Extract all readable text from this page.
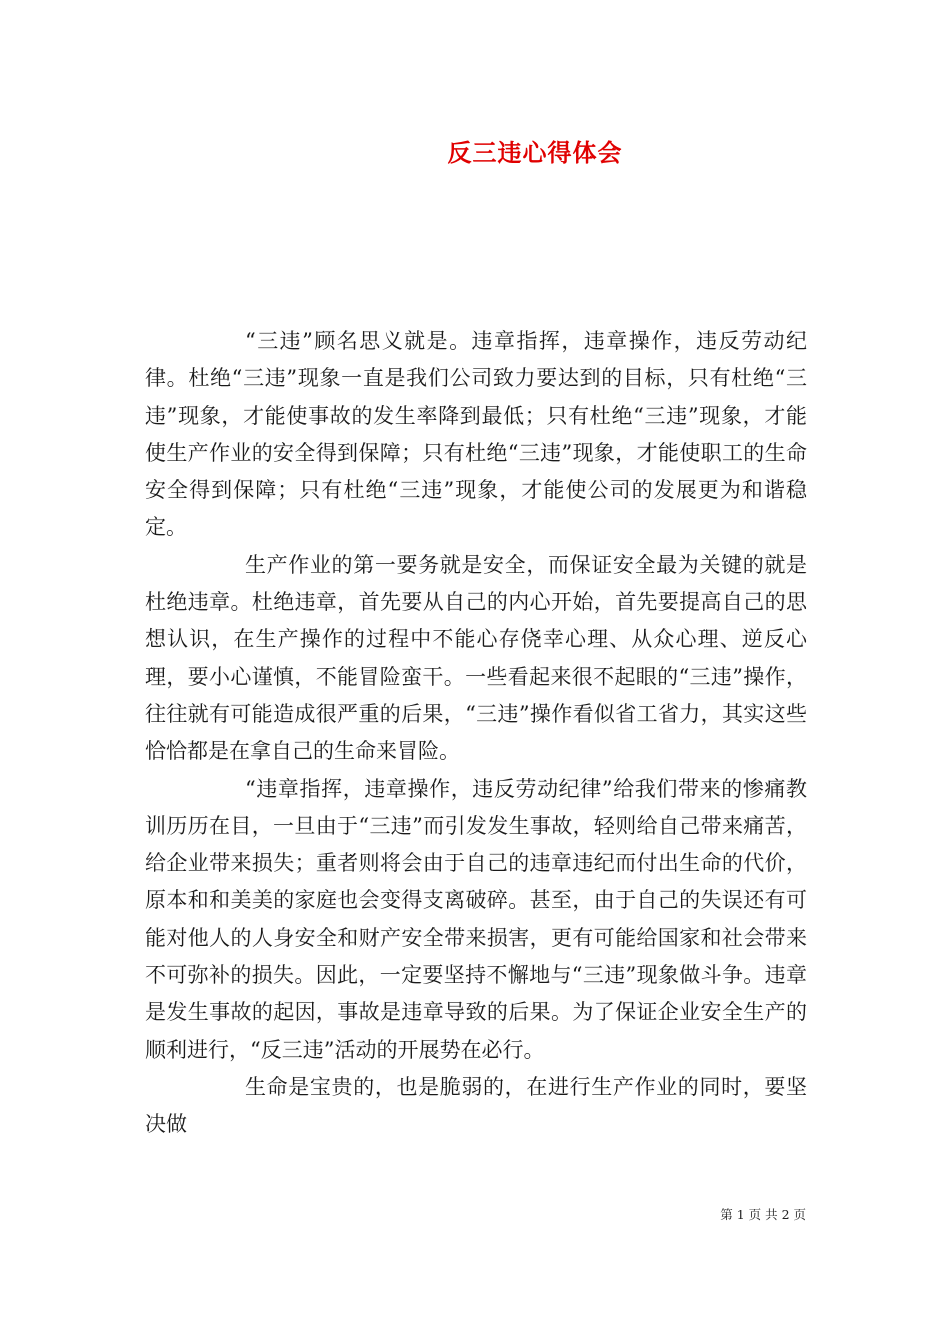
反三违心得体会

“三违”顾名思义就是。违章指挥，违章操作，违反劳动纪律。杜绝“三违”现象一直是我们公司致力要达到的目标，只有杜绝“三违”现象，才能使事故的发生率降到最低；只有杜绝“三违”现象，才能使生产作业的安全得到保障；只有杜绝“三违”现象，才能使职工的生命安全得到保障；只有杜绝“三违”现象，才能使公司的发展更为和谐稳定。

生产作业的第一要务就是安全，而保证安全最为关键的就是杜绝违章。杜绝违章，首先要从自己的内心开始，首先要提高自己的思想认识，在生产操作的过程中不能心存侥幸心理、从众心理、逆反心理，要小心谨慎，不能冒险蛮干。一些看起来很不起眼的“三违”操作，往往就有可能造成很严重的后果，“三违”操作看似省工省力，其实这些恰恰都是在拿自己的生命来冒险。

“违章指挥，违章操作，违反劳动纪律”给我们带来的惨痛教训历历在目，一旦由于“三违”而引发发生事故，轻则给自己带来痛苦，给企业带来损失；重者则将会由于自己的违章违纪而付出生命的代价，原本和和美美的家庭也会变得支离破碎。甚至，由于自己的失误还有可能对他人的人身安全和财产安全带来损害，更有可能给国家和社会带来不可弥补的损失。因此，一定要坚持不懈地与“三违”现象做斗争。违章是发生事故的起因，事故是违章导致的后果。为了保证企业安全生产的顺利进行，“反三违”活动的开展势在必行。

生命是宝贵的，也是脆弱的，在进行生产作业的同时，要坚决做

第 1 页 共 2 页
